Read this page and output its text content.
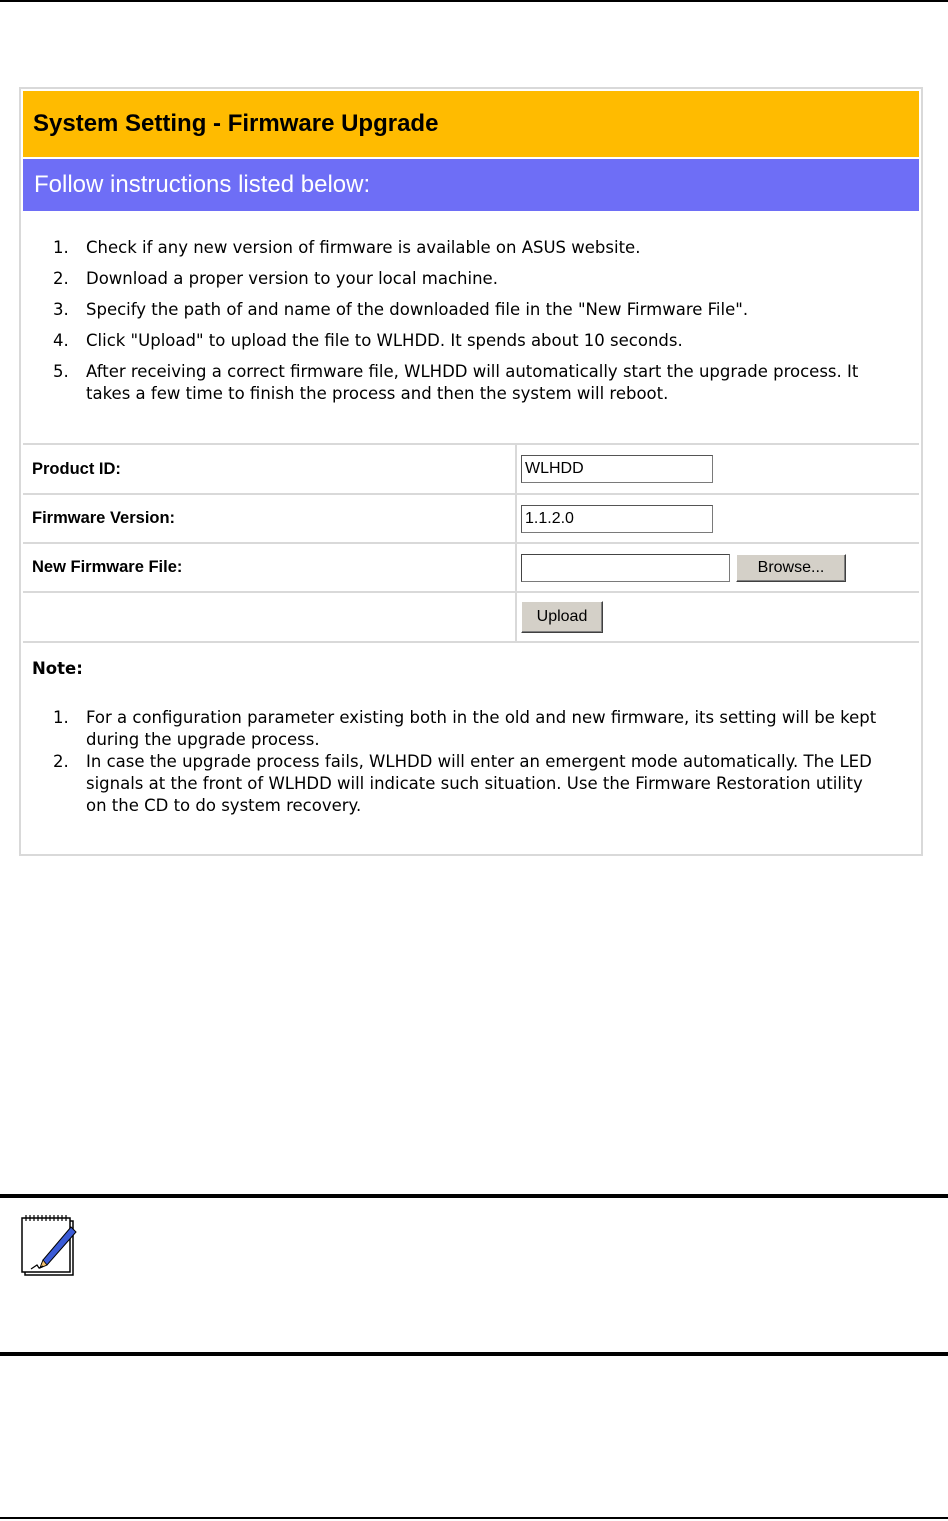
System Setting - Firmware Upgrade
Follow instructions listed below:
1. Check if any new version of firmware is available on ASUS website.
2. Download a proper version to your local machine.
3. Specify the path of and name of the downloaded file in the "New Firmware File".
4. Click "Upload" to upload the file to WLHDD. It spends about 10 seconds.
5. After receiving a correct firmware file, WLHDD will automatically start the upgrade process. It takes a few time to finish the process and then the system will reboot.
Product ID:
WLHDD
Firmware Version:
1.1.2.0
New Firmware File:	Browse...
Upload
Note:
1. For a configuration parameter existing both in the old and new firmware, its setting will be kept during the upgrade process.
2. In case the upgrade process fails, WLHDD will enter an emergent mode automatically. The LED signals at the front of WLHDD will indicate such situation. Use the Firmware Restoration utility on the CD to do system recovery.
